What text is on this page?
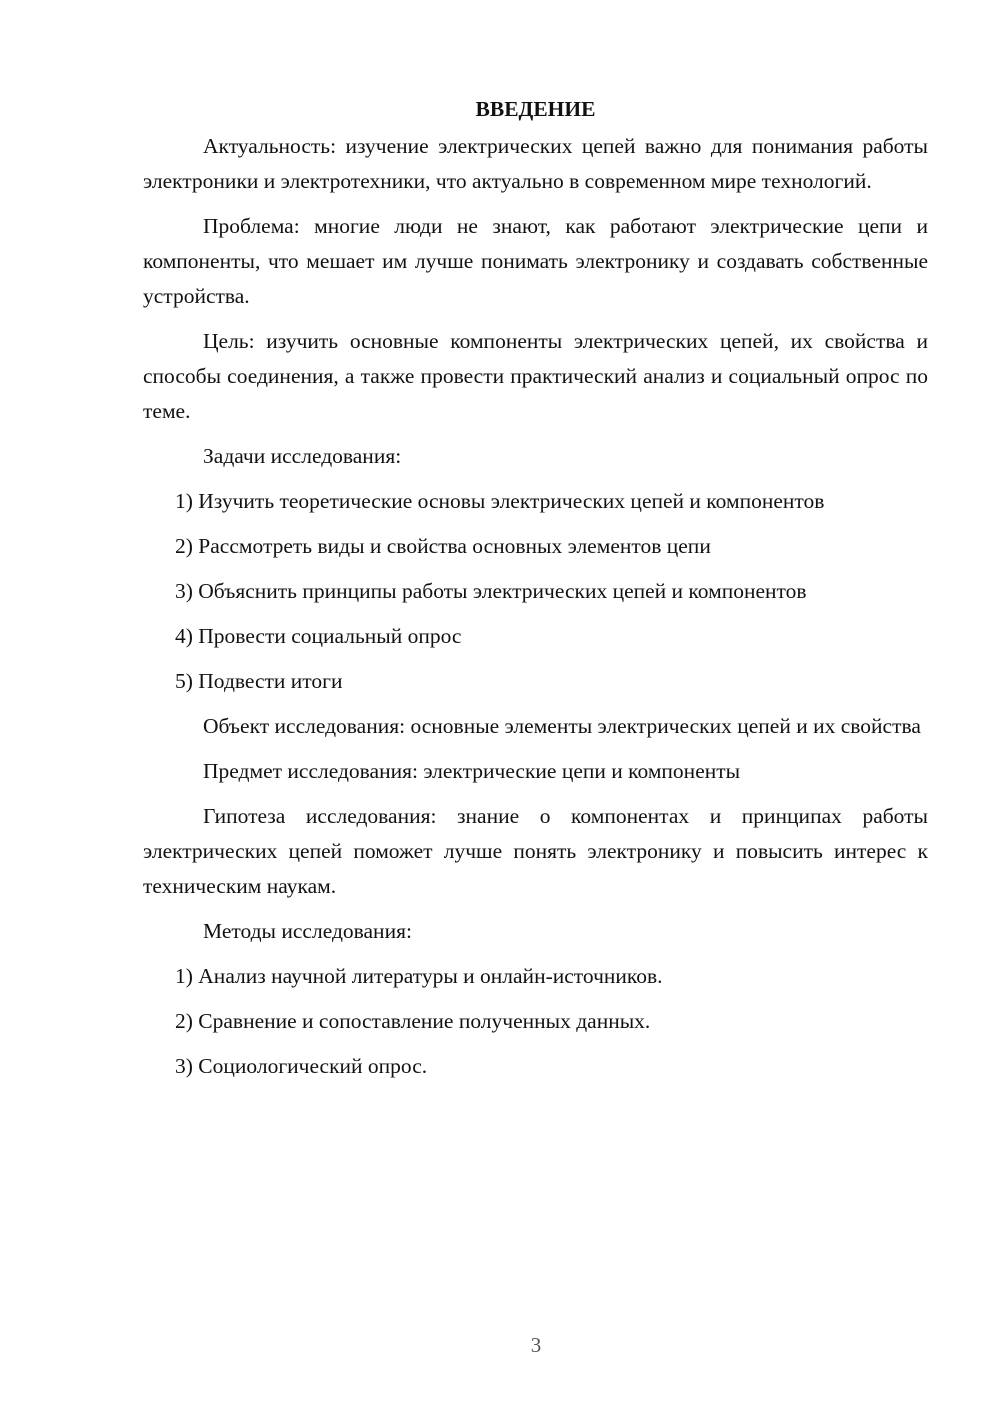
ВВЕДЕНИЕ

Актуальность: изучение электрических цепей важно для понимания работы электроники и электротехники, что актуально в современном мире технологий.

Проблема: многие люди не знают, как работают электрические цепи и компоненты, что мешает им лучше понимать электронику и создавать собственные устройства.

Цель: изучить основные компоненты электрических цепей, их свойства и способы соединения, а также провести практический анализ и социальный опрос по теме.

Задачи исследования:

1) Изучить теоретические основы электрических цепей и компонентов

2) Рассмотреть виды и свойства основных элементов цепи

3) Объяснить принципы работы электрических цепей и компонентов

4) Провести социальный опрос

5) Подвести итоги

Объект исследования: основные элементы электрических цепей и их свойства

Предмет исследования: электрические цепи и компоненты

Гипотеза исследования: знание о компонентах и принципах работы электрических цепей поможет лучше понять электронику и повысить интерес к техническим наукам.

Методы исследования:

1) Анализ научной литературы и онлайн-источников.

2) Сравнение и сопоставление полученных данных.

3) Социологический опрос.

3
